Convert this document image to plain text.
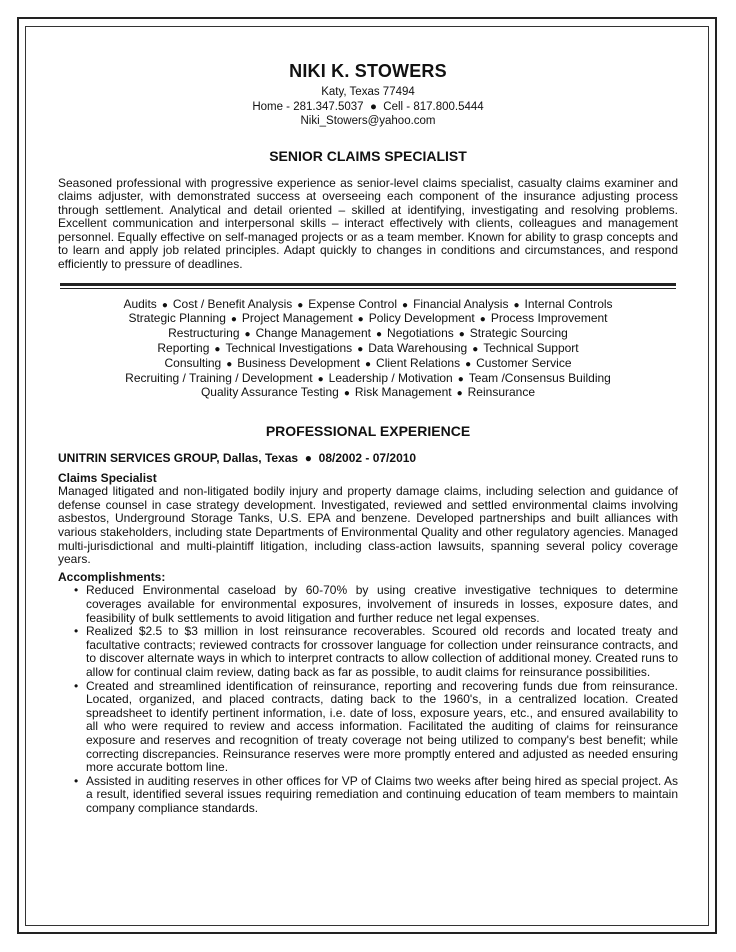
NIKI K. STOWERS
Katy, Texas 77494
Home - 281.347.5037  ●  Cell - 817.800.5444
Niki_Stowers@yahoo.com
SENIOR CLAIMS SPECIALIST
Seasoned professional with progressive experience as senior-level claims specialist, casualty claims examiner and claims adjuster, with demonstrated success at overseeing each component of the insurance adjusting process through settlement. Analytical and detail oriented – skilled at identifying, investigating and resolving problems. Excellent communication and interpersonal skills – interact effectively with clients, colleagues and management personnel. Equally effective on self-managed projects or as a team member. Known for ability to grasp concepts and to learn and apply job related principles. Adapt quickly to changes in conditions and circumstances, and respond efficiently to pressure of deadlines.
Audits ● Cost / Benefit Analysis ● Expense Control ● Financial Analysis ● Internal Controls
Strategic Planning ● Project Management ● Policy Development ● Process Improvement
Restructuring ● Change Management ● Negotiations ● Strategic Sourcing
Reporting ● Technical Investigations ● Data Warehousing ● Technical Support
Consulting ● Business Development ● Client Relations ● Customer Service
Recruiting / Training / Development ● Leadership / Motivation ● Team /Consensus Building
Quality Assurance Testing ● Risk Management ● Reinsurance
PROFESSIONAL EXPERIENCE
UNITRIN SERVICES GROUP, Dallas, Texas  ●  08/2002 - 07/2010
Claims Specialist
Managed litigated and non-litigated bodily injury and property damage claims, including selection and guidance of defense counsel in case strategy development. Investigated, reviewed and settled environmental claims involving asbestos, Underground Storage Tanks, U.S. EPA and benzene. Developed partnerships and built alliances with various stakeholders, including state Departments of Environmental Quality and other regulatory agencies. Managed multi-jurisdictional and multi-plaintiff litigation, including class-action lawsuits, spanning several policy coverage years.
Accomplishments:
• Reduced Environmental caseload by 60-70% by using creative investigative techniques to determine coverages available for environmental exposures, involvement of insureds in losses, exposure dates, and feasibility of bulk settlements to avoid litigation and further reduce net legal expenses.
• Realized $2.5 to $3 million in lost reinsurance recoverables. Scoured old records and located treaty and facultative contracts; reviewed contracts for crossover language for collection under reinsurance contracts, and to discover alternate ways in which to interpret contracts to allow collection of additional money. Created runs to allow for continual claim review, dating back as far as possible, to audit claims for reinsurance possibilities.
• Created and streamlined identification of reinsurance, reporting and recovering funds due from reinsurance. Located, organized, and placed contracts, dating back to the 1960's, in a centralized location. Created spreadsheet to identify pertinent information, i.e. date of loss, exposure years, etc., and ensured availability to all who were required to review and access information. Facilitated the auditing of claims for reinsurance exposure and reserves and recognition of treaty coverage not being utilized to company's best benefit; while correcting discrepancies. Reinsurance reserves were more promptly entered and adjusted as needed ensuring more accurate bottom line.
• Assisted in auditing reserves in other offices for VP of Claims two weeks after being hired as special project. As a result, identified several issues requiring remediation and continuing education of team members to maintain company compliance standards.
